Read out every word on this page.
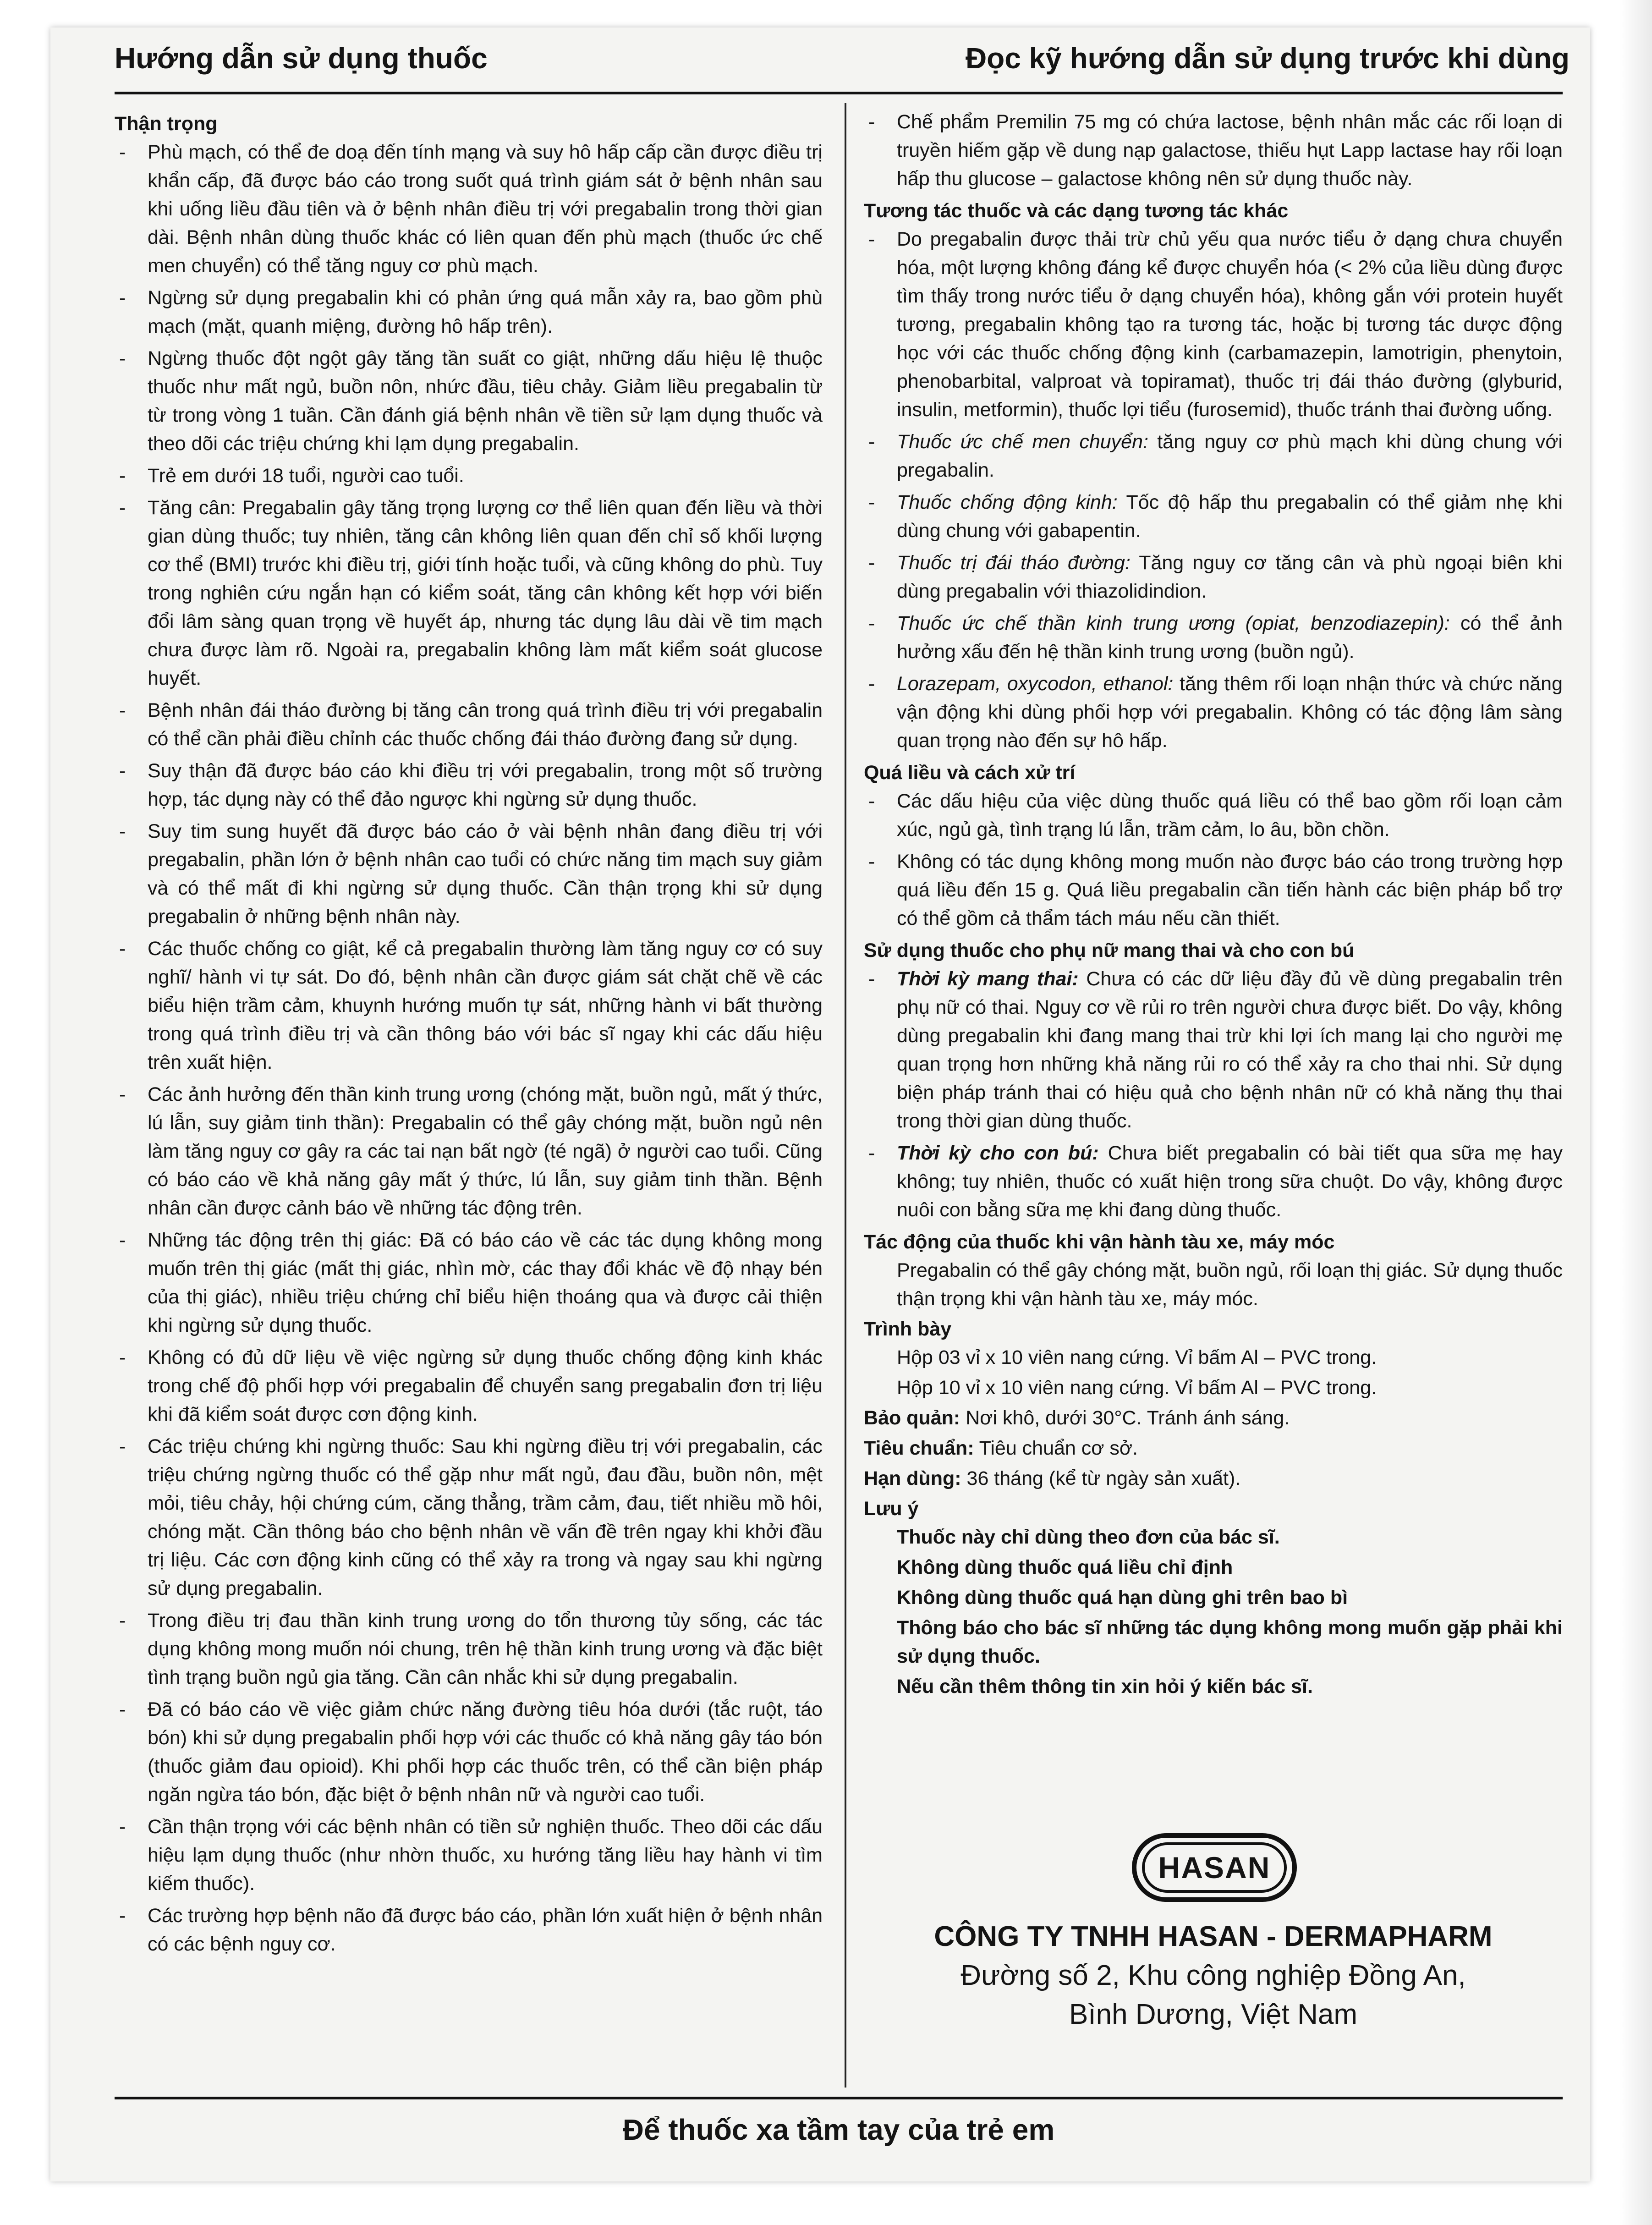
Hướng dẫn sử dụng thuốc	Đọc kỹ hướng dẫn sử dụng trước khi dùng
Thận trọng
- Phù mạch, có thể đe doạ đến tính mạng và suy hô hấp cấp cần được điều trị khẩn cấp, đã được báo cáo trong suốt quá trình giám sát ở bệnh nhân sau khi uống liều đầu tiên và ở bệnh nhân điều trị với pregabalin trong thời gian dài. Bệnh nhân dùng thuốc khác có liên quan đến phù mạch (thuốc ức chế men chuyển) có thể tăng nguy cơ phù mạch.
- Ngừng sử dụng pregabalin khi có phản ứng quá mẫn xảy ra, bao gồm phù mạch (mặt, quanh miệng, đường hô hấp trên).
- Ngừng thuốc đột ngột gây tăng tần suất co giật, những dấu hiệu lệ thuộc thuốc như mất ngủ, buồn nôn, nhức đầu, tiêu chảy. Giảm liều pregabalin từ từ trong vòng 1 tuần. Cần đánh giá bệnh nhân về tiền sử lạm dụng thuốc và theo dõi các triệu chứng khi lạm dụng pregabalin.
- Trẻ em dưới 18 tuổi, người cao tuổi.
- Tăng cân: Pregabalin gây tăng trọng lượng cơ thể liên quan đến liều và thời gian dùng thuốc; tuy nhiên, tăng cân không liên quan đến chỉ số khối lượng cơ thể (BMI) trước khi điều trị, giới tính hoặc tuổi, và cũng không do phù. Tuy trong nghiên cứu ngắn hạn có kiểm soát, tăng cân không kết hợp với biến đổi lâm sàng quan trọng về huyết áp, nhưng tác dụng lâu dài về tim mạch chưa được làm rõ. Ngoài ra, pregabalin không làm mất kiểm soát glucose huyết.
- Bệnh nhân đái tháo đường bị tăng cân trong quá trình điều trị với pregabalin có thể cần phải điều chỉnh các thuốc chống đái tháo đường đang sử dụng.
- Suy thận đã được báo cáo khi điều trị với pregabalin, trong một số trường hợp, tác dụng này có thể đảo ngược khi ngừng sử dụng thuốc.
- Suy tim sung huyết đã được báo cáo ở vài bệnh nhân đang điều trị với pregabalin, phần lớn ở bệnh nhân cao tuổi có chức năng tim mạch suy giảm và có thể mất đi khi ngừng sử dụng thuốc. Cần thận trọng khi sử dụng pregabalin ở những bệnh nhân này.
- Các thuốc chống co giật, kể cả pregabalin thường làm tăng nguy cơ có suy nghĩ/ hành vi tự sát. Do đó, bệnh nhân cần được giám sát chặt chẽ về các biểu hiện trầm cảm, khuynh hướng muốn tự sát, những hành vi bất thường trong quá trình điều trị và cần thông báo với bác sĩ ngay khi các dấu hiệu trên xuất hiện.
- Các ảnh hưởng đến thần kinh trung ương (chóng mặt, buồn ngủ, mất ý thức, lú lẫn, suy giảm tinh thần): Pregabalin có thể gây chóng mặt, buồn ngủ nên làm tăng nguy cơ gây ra các tai nạn bất ngờ (té ngã) ở người cao tuổi. Cũng có báo cáo về khả năng gây mất ý thức, lú lẫn, suy giảm tinh thần. Bệnh nhân cần được cảnh báo về những tác động trên.
- Những tác động trên thị giác: Đã có báo cáo về các tác dụng không mong muốn trên thị giác (mất thị giác, nhìn mờ, các thay đổi khác về độ nhạy bén của thị giác), nhiều triệu chứng chỉ biểu hiện thoáng qua và được cải thiện khi ngừng sử dụng thuốc.
- Không có đủ dữ liệu về việc ngừng sử dụng thuốc chống động kinh khác trong chế độ phối hợp với pregabalin để chuyển sang pregabalin đơn trị liệu khi đã kiểm soát được cơn động kinh.
- Các triệu chứng khi ngừng thuốc: Sau khi ngừng điều trị với pregabalin, các triệu chứng ngừng thuốc có thể gặp như mất ngủ, đau đầu, buồn nôn, mệt mỏi, tiêu chảy, hội chứng cúm, căng thẳng, trầm cảm, đau, tiết nhiều mồ hôi, chóng mặt. Cần thông báo cho bệnh nhân về vấn đề trên ngay khi khởi đầu trị liệu. Các cơn động kinh cũng có thể xảy ra trong và ngay sau khi ngừng sử dụng pregabalin.
- Trong điều trị đau thần kinh trung ương do tổn thương tủy sống, các tác dụng không mong muốn nói chung, trên hệ thần kinh trung ương và đặc biệt tình trạng buồn ngủ gia tăng. Cần cân nhắc khi sử dụng pregabalin.
- Đã có báo cáo về việc giảm chức năng đường tiêu hóa dưới (tắc ruột, táo bón) khi sử dụng pregabalin phối hợp với các thuốc có khả năng gây táo bón (thuốc giảm đau opioid). Khi phối hợp các thuốc trên, có thể cần biện pháp ngăn ngừa táo bón, đặc biệt ở bệnh nhân nữ và người cao tuổi.
- Cần thận trọng với các bệnh nhân có tiền sử nghiện thuốc. Theo dõi các dấu hiệu lạm dụng thuốc (như nhờn thuốc, xu hướng tăng liều hay hành vi tìm kiếm thuốc).
- Các trường hợp bệnh não đã được báo cáo, phần lớn xuất hiện ở bệnh nhân có các bệnh nguy cơ.
- Chế phẩm Premilin 75 mg có chứa lactose, bệnh nhân mắc các rối loạn di truyền hiếm gặp về dung nạp galactose, thiếu hụt Lapp lactase hay rối loạn hấp thu glucose – galactose không nên sử dụng thuốc này.
Tương tác thuốc và các dạng tương tác khác
- Do pregabalin được thải trừ chủ yếu qua nước tiểu ở dạng chưa chuyển hóa, một lượng không đáng kể được chuyển hóa (< 2% của liều dùng được tìm thấy trong nước tiểu ở dạng chuyển hóa), không gắn với protein huyết tương, pregabalin không tạo ra tương tác, hoặc bị tương tác dược động học với các thuốc chống động kinh (carbamazepin, lamotrigin, phenytoin, phenobarbital, valproat và topiramat), thuốc trị đái tháo đường (glyburid, insulin, metformin), thuốc lợi tiểu (furosemid), thuốc tránh thai đường uống.
- Thuốc ức chế men chuyển: tăng nguy cơ phù mạch khi dùng chung với pregabalin.
- Thuốc chống động kinh: Tốc độ hấp thu pregabalin có thể giảm nhẹ khi dùng chung với gabapentin.
- Thuốc trị đái tháo đường: Tăng nguy cơ tăng cân và phù ngoại biên khi dùng pregabalin với thiazolidindion.
- Thuốc ức chế thần kinh trung ương (opiat, benzodiazepin): có thể ảnh hưởng xấu đến hệ thần kinh trung ương (buồn ngủ).
- Lorazepam, oxycodon, ethanol: tăng thêm rối loạn nhận thức và chức năng vận động khi dùng phối hợp với pregabalin. Không có tác động lâm sàng quan trọng nào đến sự hô hấp.
Quá liều và cách xử trí
- Các dấu hiệu của việc dùng thuốc quá liều có thể bao gồm rối loạn cảm xúc, ngủ gà, tình trạng lú lẫn, trầm cảm, lo âu, bồn chồn.
- Không có tác dụng không mong muốn nào được báo cáo trong trường hợp quá liều đến 15 g. Quá liều pregabalin cần tiến hành các biện pháp bổ trợ có thể gồm cả thẩm tách máu nếu cần thiết.
Sử dụng thuốc cho phụ nữ mang thai và cho con bú
- Thời kỳ mang thai: Chưa có các dữ liệu đầy đủ về dùng pregabalin trên phụ nữ có thai. Nguy cơ về rủi ro trên người chưa được biết. Do vậy, không dùng pregabalin khi đang mang thai trừ khi lợi ích mang lại cho người mẹ quan trọng hơn những khả năng rủi ro có thể xảy ra cho thai nhi. Sử dụng biện pháp tránh thai có hiệu quả cho bệnh nhân nữ có khả năng thụ thai trong thời gian dùng thuốc.
- Thời kỳ cho con bú: Chưa biết pregabalin có bài tiết qua sữa mẹ hay không; tuy nhiên, thuốc có xuất hiện trong sữa chuột. Do vậy, không được nuôi con bằng sữa mẹ khi đang dùng thuốc.
Tác động của thuốc khi vận hành tàu xe, máy móc
Pregabalin có thể gây chóng mặt, buồn ngủ, rối loạn thị giác. Sử dụng thuốc thận trọng khi vận hành tàu xe, máy móc.
Trình bày
Hộp 03 vỉ x 10 viên nang cứng. Vỉ bấm Al – PVC trong.
Hộp 10 vỉ x 10 viên nang cứng. Vỉ bấm Al – PVC trong.
Bảo quản: Nơi khô, dưới 30°C. Tránh ánh sáng.
Tiêu chuẩn: Tiêu chuẩn cơ sở.
Hạn dùng: 36 tháng (kể từ ngày sản xuất).
Lưu ý
Thuốc này chỉ dùng theo đơn của bác sĩ.
Không dùng thuốc quá liều chỉ định
Không dùng thuốc quá hạn dùng ghi trên bao bì
Thông báo cho bác sĩ những tác dụng không mong muốn gặp phải khi sử dụng thuốc.
Nếu cần thêm thông tin xin hỏi ý kiến bác sĩ.
HASAN
CÔNG TY TNHH HASAN - DERMAPHARM
Đường số 2, Khu công nghiệp Đồng An,
Bình Dương, Việt Nam
Để thuốc xa tầm tay của trẻ em
